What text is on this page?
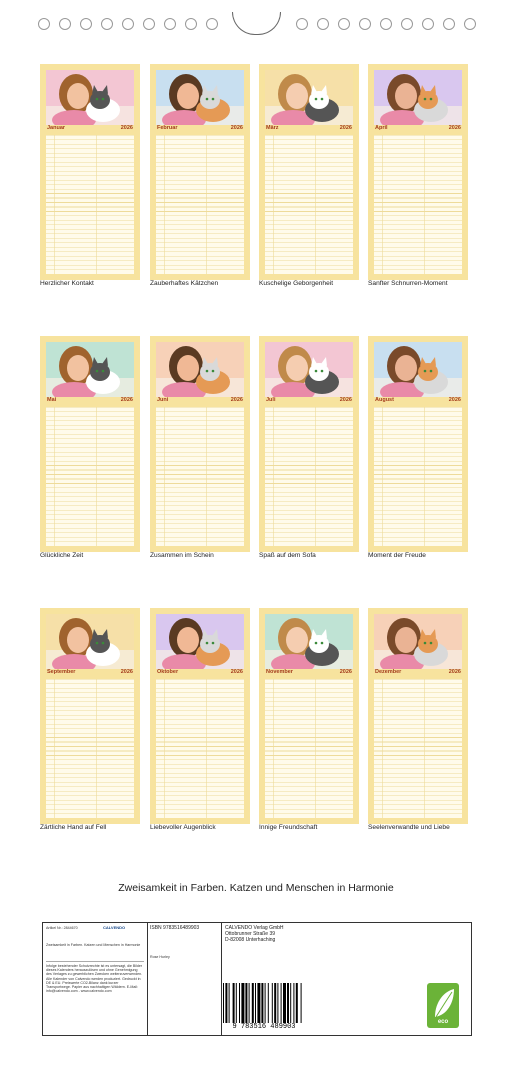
Januar	2026
Herzlicher Kontakt
Februar	2026
Zauberhaftes Kätzchen
März	2026
Kuschelige Geborgenheit
April	2026
Sanfter Schnurren-Moment
Mai	2026
Glückliche Zeit
Juni	2026
Zusammen im Schein
Juli	2026
Spaß auf dem Sofa
August	2026
Moment der Freude
September	2026
Zärtliche Hand auf Fell
Oktober	2026
Liebevoller Augenblick
November	2026
Innige Freundschaft
Dezember	2026
Seelenverwandte und Liebe
Zweisamkeit in Farben. Katzen und Menschen in Harmonie
Artikel Nr.: 2844670	CALVENDO
Zweisamkeit in Farben. Katzen und Menschen in Harmonie
Infolge bestehender Schutzrechte ist es untersagt, die Bilder dieses Kalenders herauszulösen und ohne Genehmigung des Verlages zu gewerblichen Zwecken weiterzuverwenden. Alle Kalender von Calvendo werden produziert. Gedruckt in DE & EU. Preiswerte CO2-Bilanz dank kurzer Transportwege. Papier aus nachhaltigen Wäldern. E-Mail: info@calvendo.com - www.calvendo.com
ISBN 9783516489903
Rose Hurley
CALVENDO Verlag GmbH
Ottobrunner Straße 39
D-82008 Unterhaching
9 783516 489903
eco
